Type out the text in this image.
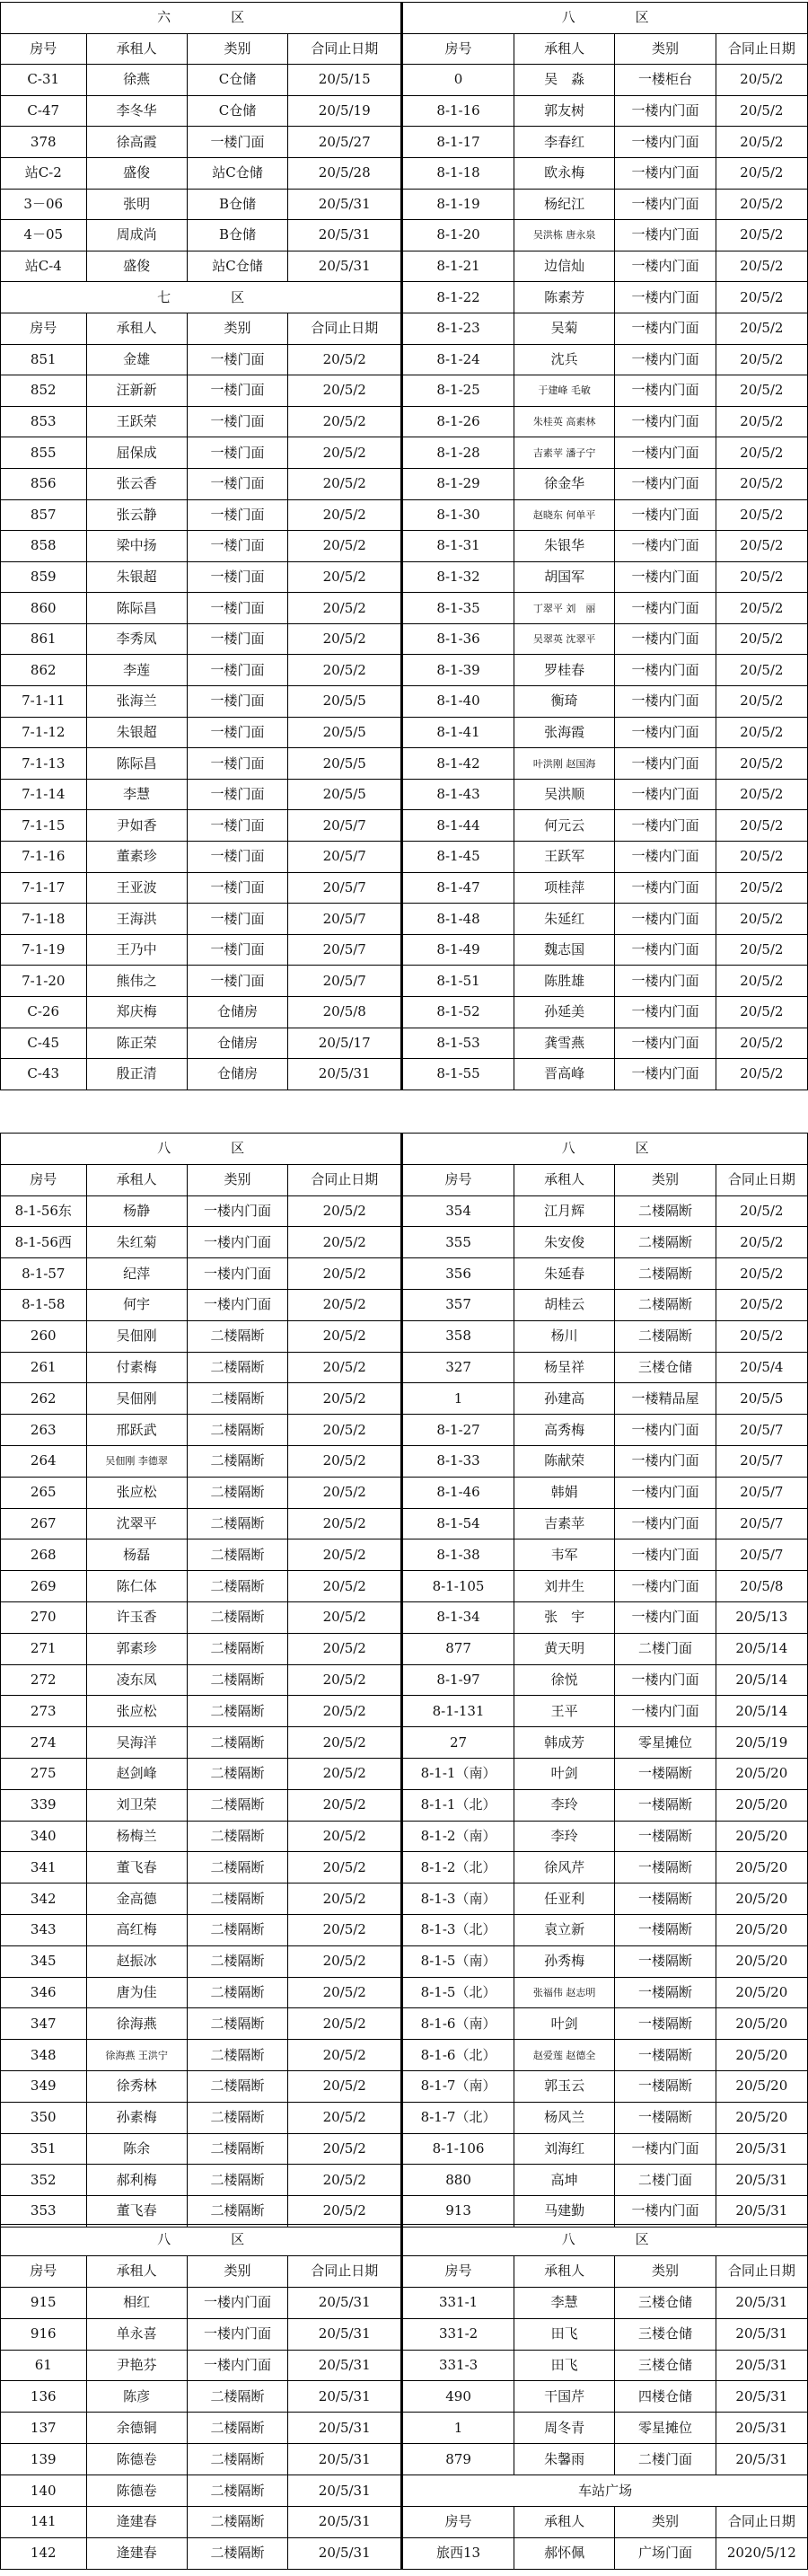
六　区				八　区			
房号	承租人	类别	合同止日期	房号	承租人	类别	合同止日期
C-31	徐燕	C仓储	20/5/15	0	吴　淼	一楼柜台	20/5/2
C-47	李冬华	C仓储	20/5/19	8-1-16	郭友树	一楼内门面	20/5/2
378	徐高霞	一楼门面	20/5/27	8-1-17	李春红	一楼内门面	20/5/2
站C-2	盛俊	站C仓储	20/5/28	8-1-18	欧永梅	一楼内门面	20/5/2
3－06	张明	B仓储	20/5/31	8-1-19	杨纪江	一楼内门面	20/5/2
4－05	周成尚	B仓储	20/5/31	8-1-20	吴洪栋 唐永泉	一楼内门面	20/5/2
站C-4	盛俊	站C仓储	20/5/31	8-1-21	边信灿	一楼内门面	20/5/2
七　区				8-1-22	陈素芳	一楼内门面	20/5/2
房号	承租人	类别	合同止日期	8-1-23	吴菊	一楼内门面	20/5/2
851	金雄	一楼门面	20/5/2	8-1-24	沈兵	一楼内门面	20/5/2
852	汪新新	一楼门面	20/5/2	8-1-25	于建峰 毛敏	一楼内门面	20/5/2
853	王跃荣	一楼门面	20/5/2	8-1-26	朱桂英 高素林	一楼内门面	20/5/2
855	屈保成	一楼门面	20/5/2	8-1-28	吉素苹 潘子宁	一楼内门面	20/5/2
856	张云香	一楼门面	20/5/2	8-1-29	徐金华	一楼内门面	20/5/2
857	张云静	一楼门面	20/5/2	8-1-30	赵晓东 何单平	一楼内门面	20/5/2
858	梁中扬	一楼门面	20/5/2	8-1-31	朱银华	一楼内门面	20/5/2
859	朱银超	一楼门面	20/5/2	8-1-32	胡国军	一楼内门面	20/5/2
860	陈际昌	一楼门面	20/5/2	8-1-35	丁翠平 刘　丽	一楼内门面	20/5/2
861	李秀凤	一楼门面	20/5/2	8-1-36	吴翠英 沈翠平	一楼内门面	20/5/2
862	李莲	一楼门面	20/5/2	8-1-39	罗桂春	一楼内门面	20/5/2
7-1-11	张海兰	一楼门面	20/5/5	8-1-40	衡琦	一楼内门面	20/5/2
7-1-12	朱银超	一楼门面	20/5/5	8-1-41	张海霞	一楼内门面	20/5/2
7-1-13	陈际昌	一楼门面	20/5/5	8-1-42	叶洪刚 赵国海	一楼内门面	20/5/2
7-1-14	李慧	一楼门面	20/5/5	8-1-43	吴洪顺	一楼内门面	20/5/2
7-1-15	尹如香	一楼门面	20/5/7	8-1-44	何元云	一楼内门面	20/5/2
7-1-16	董素珍	一楼门面	20/5/7	8-1-45	王跃军	一楼内门面	20/5/2
7-1-17	王亚波	一楼门面	20/5/7	8-1-47	项桂萍	一楼内门面	20/5/2
7-1-18	王海洪	一楼门面	20/5/7	8-1-48	朱延红	一楼内门面	20/5/2
7-1-19	王乃中	一楼门面	20/5/7	8-1-49	魏志国	一楼内门面	20/5/2
7-1-20	熊伟之	一楼门面	20/5/7	8-1-51	陈胜雄	一楼内门面	20/5/2
C-26	郑庆梅	仓储房	20/5/8	8-1-52	孙延美	一楼内门面	20/5/2
C-45	陈正荣	仓储房	20/5/17	8-1-53	龚雪燕	一楼内门面	20/5/2
C-43	殷正清	仓储房	20/5/31	8-1-55	晋高峰	一楼内门面	20/5/2
八　区				八　区			
房号	承租人	类别	合同止日期	房号	承租人	类别	合同止日期
8-1-56东	杨静	一楼内门面	20/5/2	354	江月辉	二楼隔断	20/5/2
8-1-56西	朱红菊	一楼内门面	20/5/2	355	朱安俊	二楼隔断	20/5/2
8-1-57	纪萍	一楼内门面	20/5/2	356	朱延春	二楼隔断	20/5/2
8-1-58	何宇	一楼内门面	20/5/2	357	胡桂云	二楼隔断	20/5/2
260	吴佃刚	二楼隔断	20/5/2	358	杨川	二楼隔断	20/5/2
261	付素梅	二楼隔断	20/5/2	327	杨呈祥	三楼仓储	20/5/4
262	吴佃刚	二楼隔断	20/5/2	1	孙建高	一楼精品屋	20/5/5
263	邢跃武	二楼隔断	20/5/2	8-1-27	高秀梅	一楼内门面	20/5/7
264	吴佃刚 李德翠	二楼隔断	20/5/2	8-1-33	陈献荣	一楼内门面	20/5/7
265	张应松	二楼隔断	20/5/2	8-1-46	韩娟	一楼内门面	20/5/7
267	沈翠平	二楼隔断	20/5/2	8-1-54	吉素苹	一楼内门面	20/5/7
268	杨磊	二楼隔断	20/5/2	8-1-38	韦军	一楼内门面	20/5/7
269	陈仁体	二楼隔断	20/5/2	8-1-105	刘井生	一楼内门面	20/5/8
270	许玉香	二楼隔断	20/5/2	8-1-34	张　宇	一楼内门面	20/5/13
271	郭素珍	二楼隔断	20/5/2	877	黄天明	二楼门面	20/5/14
272	凌东凤	二楼隔断	20/5/2	8-1-97	徐悦	一楼内门面	20/5/14
273	张应松	二楼隔断	20/5/2	8-1-131	王平	一楼内门面	20/5/14
274	吴海洋	二楼隔断	20/5/2	27	韩成芳	零星摊位	20/5/19
275	赵剑峰	二楼隔断	20/5/2	8-1-1（南）	叶剑	一楼隔断	20/5/20
339	刘卫荣	二楼隔断	20/5/2	8-1-1（北）	李玲	一楼隔断	20/5/20
340	杨梅兰	二楼隔断	20/5/2	8-1-2（南）	李玲	一楼隔断	20/5/20
341	董飞春	二楼隔断	20/5/2	8-1-2（北）	徐风芹	一楼隔断	20/5/20
342	金高德	二楼隔断	20/5/2	8-1-3（南）	任亚利	一楼隔断	20/5/20
343	高红梅	二楼隔断	20/5/2	8-1-3（北）	袁立新	一楼隔断	20/5/20
345	赵振冰	二楼隔断	20/5/2	8-1-5（南）	孙秀梅	一楼隔断	20/5/20
346	唐为佳	二楼隔断	20/5/2	8-1-5（北）	张福伟 赵志明	一楼隔断	20/5/20
347	徐海燕	二楼隔断	20/5/2	8-1-6（南）	叶剑	一楼隔断	20/5/20
348	徐海燕 王洪宁	二楼隔断	20/5/2	8-1-6（北）	赵爱莲 赵德全	一楼隔断	20/5/20
349	徐秀林	二楼隔断	20/5/2	8-1-7（南）	郭玉云	一楼隔断	20/5/20
350	孙素梅	二楼隔断	20/5/2	8-1-7（北）	杨风兰	一楼隔断	20/5/20
351	陈余	二楼隔断	20/5/2	8-1-106	刘海红	一楼内门面	20/5/31
352	郝利梅	二楼隔断	20/5/2	880	高坤	二楼门面	20/5/31
353	董飞春	二楼隔断	20/5/2	913	马建勤	一楼内门面	20/5/31
八　区				八　区			
房号	承租人	类别	合同止日期	房号	承租人	类别	合同止日期
915	相红	一楼内门面	20/5/31	331-1	李慧	三楼仓储	20/5/31
916	单永喜	一楼内门面	20/5/31	331-2	田飞	三楼仓储	20/5/31
61	尹艳芬	一楼内门面	20/5/31	331-3	田飞	三楼仓储	20/5/31
136	陈彦	二楼隔断	20/5/31	490	干国芹	四楼仓储	20/5/31
137	余德铜	二楼隔断	20/5/31	1	周冬青	零星摊位	20/5/31
139	陈德卷	二楼隔断	20/5/31	879	朱馨雨	二楼门面	20/5/31
140	陈德卷	二楼隔断	20/5/31	车站广场			
141	逄建春	二楼隔断	20/5/31	房号	承租人	类别	合同止日期
142	逄建春	二楼隔断	20/5/31	旅西13	郝怀佩	广场门面	2020/5/12
